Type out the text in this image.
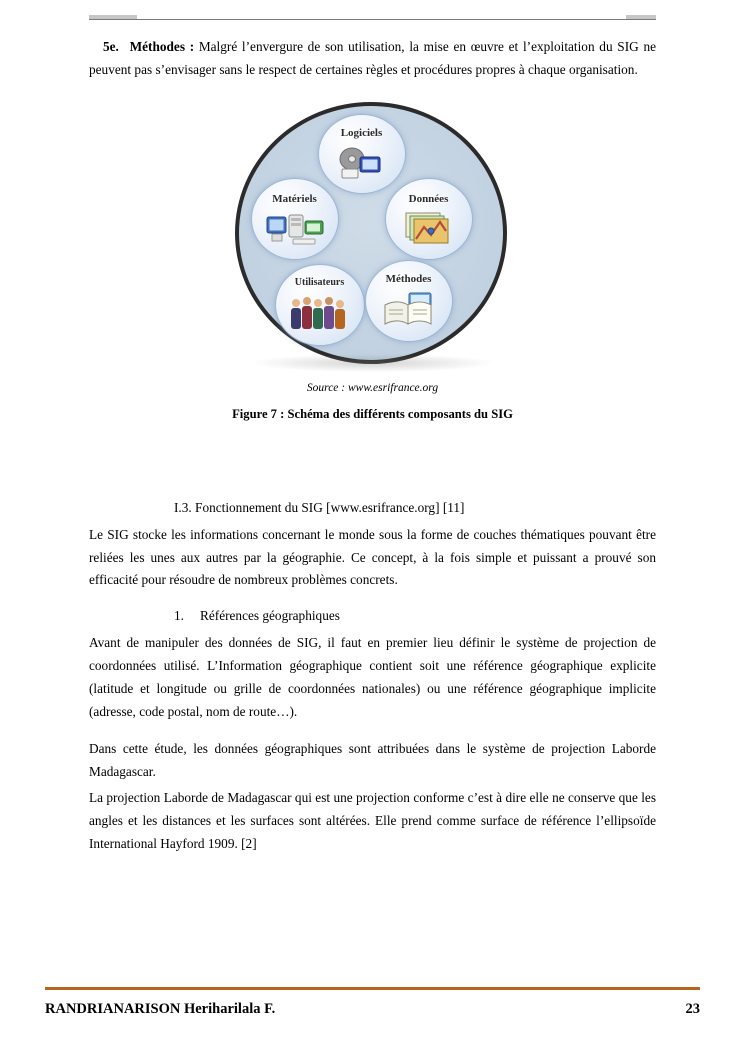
5e. Méthodes : Malgré l’envergure de son utilisation, la mise en œuvre et l’exploitation du SIG ne peuvent pas s’envisager sans le respect de certaines règles et procédures propres à chaque organisation.

Logiciels
Matériels	Données
Utilisateurs	Méthodes
Source : www.esrifrance.org
Figure 7 : Schéma des différents composants du SIG
I.3. Fonctionnement du SIG [www.esrifrance.org] [11]

Le SIG stocke les informations concernant le monde sous la forme de couches thématiques pouvant être reliées les unes aux autres par la géographie. Ce concept, à la fois simple et puissant a prouvé son efficacité pour résoudre de nombreux problèmes concrets.

1. Références géographiques

Avant de manipuler des données de SIG, il faut en premier lieu définir le système de projection de coordonnées utilisé. L’Information géographique contient soit une référence géographique explicite (latitude et longitude ou grille de coordonnées nationales) ou une référence géographique implicite (adresse, code postal, nom de route…).

Dans cette étude, les données géographiques sont attribuées dans le système de projection Laborde Madagascar.

La projection Laborde de Madagascar qui est une projection conforme c’est à dire elle ne conserve que les angles et les distances et les surfaces sont altérées. Elle prend comme surface de référence l’ellipsoïde International Hayford 1909. [2]

RANDRIANARISON Heriharilala F.	23
